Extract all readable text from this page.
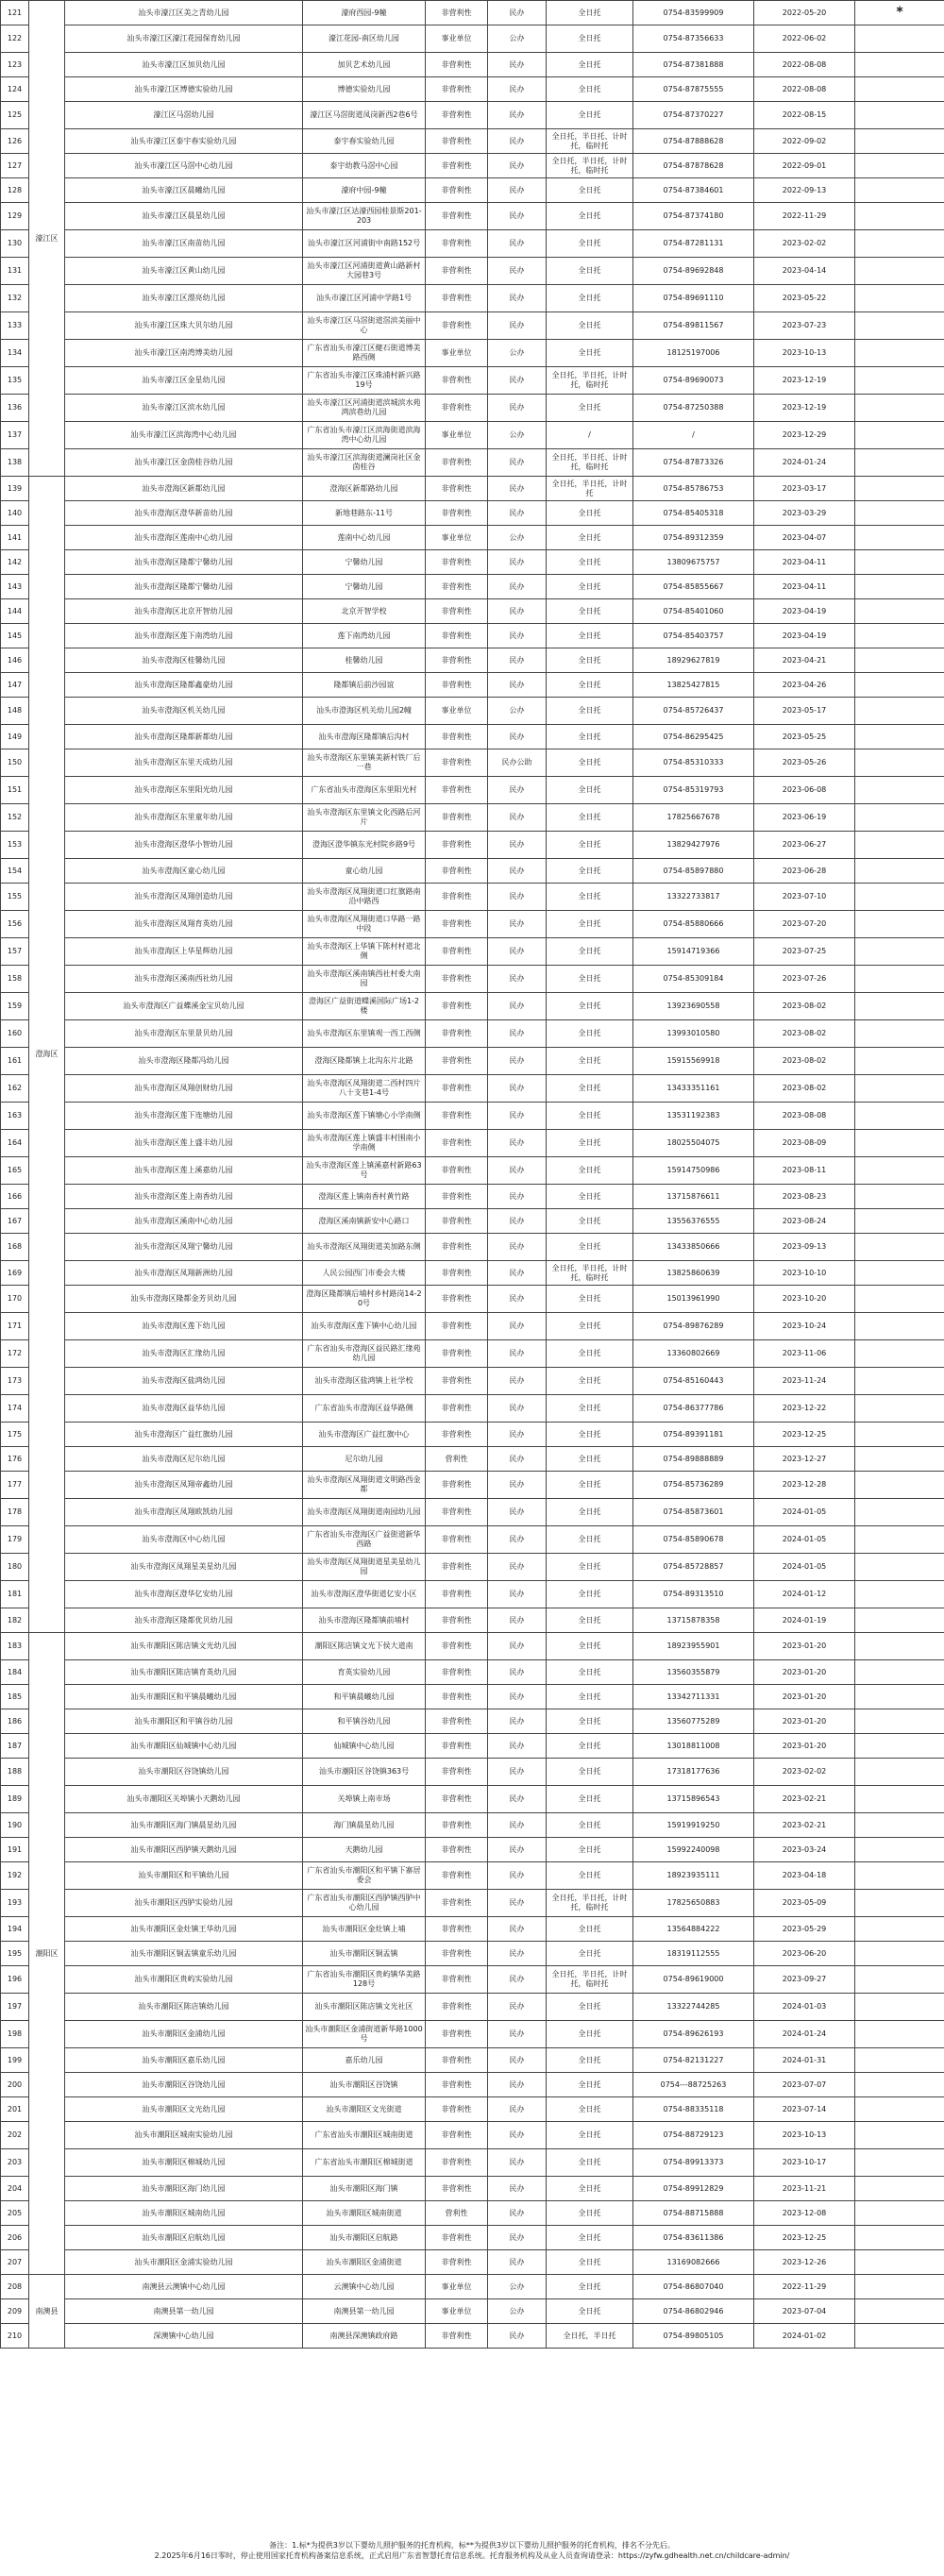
121	濠江区	汕头市濠江区美之青幼儿园	濠府西园-9幢	非营利性	民办	全日托	0754-83599909	2022-05-20	*
122		汕头市濠江区濠江花园保育幼儿园	濠江花园-南区幼儿园	事业单位	公办	全日托	0754-87356633	2022-06-02	
123		汕头市濠江区加贝幼儿园	加贝艺术幼儿园	非营利性	民办	全日托	0754-87381888	2022-08-08	
124		汕头市濠江区博德实验幼儿园	博德实验幼儿园	非营利性	民办	全日托	0754-87875555	2022-08-08	
125		濠江区马滘幼儿园	濠江区马滘街道凤岗新西2巷6号	非营利性	民办	全日托	0754-87370227	2022-08-15	
126		汕头市濠江区泰宇春实验幼儿园	泰宇春实验幼儿园	非营利性	民办	全日托，半日托、计时托，临时托	0754-87888628	2022-09-02	
127		汕头市濠江区马滘中心幼儿园	泰宇幼教马滘中心园	非营利性	民办	全日托，半日托，计时托，临时托	0754-87878628	2022-09-01	
128		汕头市濠江区晨曦幼儿园	濠府中园-9幢	非营利性	民办	全日托	0754-87384601	2022-09-13	
129		汕头市濠江区晨星幼儿园	汕头市濠江区达濠西园桂景斯201-203	非营利性	民办	全日托	0754-87374180	2022-11-29	
130		汕头市濠江区南苗幼儿园	汕头市濠江区河浦街中南路152号	非营利性	民办	全日托	0754-87281131	2023-02-02	
131		汕头市濠江区黄山幼儿园	汕头市濠江区河浦街道黄山路新村大园巷3号	非营利性	民办	全日托	0754-89692848	2023-04-14	
132		汕头市濠江区漂亮幼儿园	汕头市濠江区河浦中学路1号	非营利性	民办	全日托	0754-89691110	2023-05-22	
133		汕头市濠江区珠大贝尔幼儿园	汕头市濠江区马滘街道滘滨美丽中心	非营利性	民办	全日托	0754-89811567	2023-07-23	
134		汕头市濠江区南湾博美幼儿园	广东省汕头市濠江区健石街道博美路西侧	事业单位	公办	全日托	18125197006	2023-10-13	
135		汕头市濠江区金星幼儿园	广东省汕头市濠江区珠浦村新兴路19号	非营利性	民办	全日托，半日托，计时托，临时托	0754-89690073	2023-12-19	
136		汕头市濠江区滨水幼儿园	汕头市濠江区河浦街道滨城滨水苑鸿滨巷幼儿园	非营利性	民办	全日托	0754-87250388	2023-12-19	
137		汕头市濠江区滨海湾中心幼儿园	广东省汕头市濠江区滨海街道滨海湾中心幼儿园	事业单位	公办	/	/	2023-12-29	
138		汕头市濠江区金茵桂谷幼儿园	汕头市濠江区滨海街道澜岗社区金茵桂谷	非营利性	民办	全日托，半日托、计时托，临时托	0754-87873326	2024-01-24	
139	澄海区	汕头市澄海区新都幼儿园	澄海区新都路幼儿园	非营利性	民办	全日托，半日托，计时托	0754-85786753	2023-03-17	
140		汕头市澄海区澄华新苗幼儿园	新地巷路东-11号	非营利性	民办	全日托	0754-85405318	2023-03-29	
141		汕头市澄海区莲南中心幼儿园	莲南中心幼儿园	事业单位	公办	全日托	0754-89312359	2023-04-07	
142		汕头市澄海区隆都宁馨幼儿园	宁馨幼儿园	非营利性	民办	全日托	13809675757	2023-04-11	
143		汕头市澄海区隆都宁馨幼儿园	宁馨幼儿园	非营利性	民办	全日托	0754-85855667	2023-04-11	
144		汕头市澄海区北京开智幼儿园	北京开智学校	非营利性	民办	全日托	0754-85401060	2023-04-19	
145		汕头市澄海区莲下南湾幼儿园	莲下南湾幼儿园	非营利性	民办	全日托	0754-85403757	2023-04-19	
146		汕头市澄海区桂馨幼儿园	桂馨幼儿园	非营利性	民办	全日托	18929627819	2023-04-21	
147		汕头市澄海区隆都鑫豪幼儿园	隆都镇后前沙园谊	非营利性	民办	全日托	13825427815	2023-04-26	
148		汕头市澄海区机关幼儿园	汕头市澄海区机关幼儿园2幢	事业单位	公办	全日托	0754-85726437	2023-05-17	
149		汕头市澄海区隆都新都幼儿园	汕头市澄海区隆都镇后沟村	非营利性	民办	全日托	0754-86295425	2023-05-25	
150		汕头市澄海区东里天成幼儿园	汕头市澄海区东里镇美新村铁厂后一巷	非营利性	民办公助	全日托	0754-85310333	2023-05-26	
151		汕头市澄海区东里阳光幼儿园	广东省汕头市澄海区东里阳光村	非营利性	民办	全日托	0754-85319793	2023-06-08	
152		汕头市澄海区东里童年幼儿园	汕头市澄海区东里镇文化西路后河片	非营利性	民办	全日托	17825667678	2023-06-19	
153		汕头市澄海区澄华小智幼儿园	澄海区澄华镇东光村院乡路9号	非营利性	民办	全日托	13829427976	2023-06-27	
154		汕头市澄海区童心幼儿园	童心幼儿园	非营利性	民办	全日托	0754-85897880	2023-06-28	
155		汕头市澄海区凤翔创造幼儿园	汕头市澄海区凤翔街道口红旗路南沿中路西	非营利性	民办	全日托	13322733817	2023-07-10	
156		汕头市澄海区凤翔育英幼儿园	汕头市澄海区凤翔街道口华路一路中段	非营利性	民办	全日托	0754-85880666	2023-07-20	
157		汕头市澄海区上华星辉幼儿园	汕头市澄海区上华镇下陈村村道北侧	非营利性	民办	全日托	15914719366	2023-07-25	
158		汕头市澄海区溪南西社幼儿园	汕头市澄海区溪南镇西社村委大南园	非营利性	民办	全日托	0754-85309184	2023-07-26	
159		汕头市澄海区广益蝶溪金宝贝幼儿园	澄海区广益街道蝶溪国际广场1-2楼	非营利性	民办	全日托	13923690558	2023-08-02	
160		汕头市澄海区东里景贝幼儿园	汕头市澄海区东里镇观一西工西侧	非营利性	民办	全日托	13993010580	2023-08-02	
161		汕头市澄海区隆都冯幼儿园	澄海区隆都镇上北沟东片北路	非营利性	民办	全日托	15915569918	2023-08-02	
162		汕头市澄海区凤翔创财幼儿园	汕头市澄海区凤翔街道二西村四片八十支巷1-4号	非营利性	民办	全日托	13433351161	2023-08-02	
163		汕头市澄海区莲下连塘幼儿园	汕头市澄海区莲下镇塘心小学南侧	非营利性	民办	全日托	13531192383	2023-08-08	
164		汕头市澄海区莲上盛丰幼儿园	汕头市澄海区莲上镇盛丰村围南小学南侧	非营利性	民办	全日托	18025504075	2023-08-09	
165		汕头市澄海区莲上溪嘉幼儿园	汕头市澄海区莲上镇溪嘉村新路63号	非营利性	民办	全日托	15914750986	2023-08-11	
166		汕头市澄海区莲上南香幼儿园	澄海区莲上镇南香村黄竹路	非营利性	民办	全日托	13715876611	2023-08-23	
167		汕头市澄海区溪南中心幼儿园	澄海区溪南镇新安中心路口	非营利性	民办	全日托	13556376555	2023-08-24	
168		汕头市澄海区凤翔宁馨幼儿园	汕头市澄海区凤翔街道美加路东侧	非营利性	民办	全日托	13433850666	2023-09-13	
169		汕头市澄海区凤翔新洲幼儿园	人民公园西门市委会大楼	非营利性	民办	全日托，半日托，计时托，临时托	13825860639	2023-10-10	
170		汕头市澄海区隆都金芳贝幼儿园	澄海区隆都镇后埔村乡村路岗14-20号	非营利性	民办	全日托	15013961990	2023-10-20	
171		汕头市澄海区莲下幼儿园	汕头市澄海区莲下镇中心幼儿园	非营利性	民办	全日托	0754-89876289	2023-10-24	
172		汕头市澄海区汇缘幼儿园	广东省汕头市澄海区益民路汇缘苑幼儿园	非营利性	民办	全日托	13360802669	2023-11-06	
173		汕头市澄海区盐鸿幼儿园	汕头市澄海区盐鸿镇上社学校	非营利性	民办	全日托	0754-85160443	2023-11-24	
174		汕头市澄海区益华幼儿园	广东省汕头市澄海区益华路侧	非营利性	民办	全日托	0754-86377786	2023-12-22	
175		汕头市澄海区广益红旗幼儿园	汕头市澄海区广益红旗中心	非营利性	民办	全日托	0754-89391181	2023-12-25	
176		汕头市澄海区尼尔幼儿园	尼尔幼儿园	营利性	民办	全日托	0754-89888889	2023-12-27	
177		汕头市澄海区凤翔帝鑫幼儿园	汕头市澄海区凤翔街道文明路西金都	非营利性	民办	全日托	0754-85736289	2023-12-28	
178		汕头市澄海区凤翔欧凯幼儿园	汕头市澄海区凤翔街道南园幼儿园	非营利性	民办	全日托	0754-85873601	2024-01-05	
179		汕头市澄海区中心幼儿园	广东省汕头市澄海区广益街道新华西路	非营利性	民办	全日托	0754-85890678	2024-01-05	
180		汕头市澄海区凤翔星美星幼儿园	汕头市澄海区凤翔街道星美星幼儿园	非营利性	民办	全日托	0754-85728857	2024-01-05	
181		汕头市澄海区澄华亿安幼儿园	汕头市澄海区澄华街道亿安小区	非营利性	民办	全日托	0754-89313510	2024-01-12	
182		汕头市澄海区隆都优贝幼儿园	汕头市澄海区隆都镇前埔村	非营利性	民办	全日托	13715878358	2024-01-19	
183	潮阳区	汕头市潮阳区陈店镇文光幼儿园	潮阳区陈店镇文光下侯大道南	非营利性	民办	全日托	18923955901	2023-01-20	
184		汕头市潮阳区陈店镇育英幼儿园	育英实验幼儿园	非营利性	民办	全日托	13560355879	2023-01-20	
185		汕头市潮阳区和平镇晨曦幼儿园	和平镇晨曦幼儿园	非营利性	民办	全日托	13342711331	2023-01-20	
186		汕头市潮阳区和平镇谷幼儿园	和平镇谷幼儿园	非营利性	民办	全日托	13560775289	2023-01-20	
187		汕头市潮阳区仙城镇中心幼儿园	仙城镇中心幼儿园	非营利性	民办	全日托	13018811008	2023-01-20	
188		汕头市潮阳区谷饶镇幼儿园	汕头市潮阳区谷饶镇363号	非营利性	民办	全日托	17318177636	2023-02-02	
189		汕头市潮阳区关埠镇小天鹅幼儿园	关埠镇上南市场	非营利性	民办	全日托	13715896543	2023-02-21	
190		汕头市潮阳区海门镇晨星幼儿园	海门镇晨星幼儿园	非营利性	民办	全日托	15919919250	2023-02-21	
191		汕头市潮阳区西胪镇天鹅幼儿园	天鹅幼儿园	非营利性	民办	全日托	15992240098	2023-03-24	
192		汕头市潮阳区和平镇幼儿园	广东省汕头市潮阳区和平镇下寨居委会	非营利性	民办	全日托	18923935111	2023-04-18	
193		汕头市潮阳区西胪实验幼儿园	广东省汕头市潮阳区西胪镇西胪中心幼儿园	非营利性	民办	全日托，半日托，计时托，临时托	17825650883	2023-05-09	
194		汕头市潮阳区金灶镇王华幼儿园	汕头市潮阳区金灶镇上埔	非营利性	民办	全日托	13564884222	2023-05-29	
195		汕头市潮阳区铜盂镇童乐幼儿园	汕头市潮阳区铜盂镇	非营利性	民办	全日托	18319112555	2023-06-20	
196		汕头市潮阳区贵屿实验幼儿园	广东省汕头市潮阳区贵屿镇华美路128号	非营利性	民办	全日托，半日托，计时托，临时托	0754-89619000	2023-09-27	
197		汕头市潮阳区陈店镇幼儿园	汕头市潮阳区陈店镇文光社区	非营利性	民办	全日托	13322744285	2024-01-03	
198		汕头市潮阳区金浦幼儿园	汕头市潮阳区金浦街道新华路1000号	非营利性	民办	全日托	0754-89626193	2024-01-24	
199		汕头市潮阳区嘉乐幼儿园	嘉乐幼儿园	非营利性	民办	全日托	0754-82131227	2024-01-31	
200		汕头市潮阳区谷饶幼儿园	汕头市潮阳区谷饶镇	非营利性	民办	全日托	0754---88725263	2023-07-07	
201		汕头市潮阳区文光幼儿园	汕头市潮阳区文光街道	非营利性	民办	全日托	0754-88335118	2023-07-14	
202		汕头市潮阳区城南实验幼儿园	广东省汕头市潮阳区城南街道	非营利性	民办	全日托	0754-88729123	2023-10-13	
203		汕头市潮阳区棉城幼儿园	广东省汕头市潮阳区棉城街道	非营利性	民办	全日托	0754-89913373	2023-10-17	
204		汕头市潮阳区海门幼儿园	汕头市潮阳区海门镇	非营利性	民办	全日托	0754-89912829	2023-11-21	
205		汕头市潮阳区城南幼儿园	汕头市潮阳区城南街道	营利性	民办	全日托	0754-88715888	2023-12-08	
206		汕头市潮阳区启航幼儿园	汕头市潮阳区启航路	非营利性	民办	全日托	0754-83611386	2023-12-25	
207		汕头市潮阳区金浦实验幼儿园	汕头市潮阳区金浦街道	非营利性	民办	全日托	13169082666	2023-12-26	
208	南澳县	南澳县云澳镇中心幼儿园	云澳镇中心幼儿园	事业单位	公办	全日托	0754-86807040	2022-11-29	
209		南澳县第一幼儿园	南澳县第一幼儿园	事业单位	公办	全日托	0754-86802946	2023-07-04	
210		深澳镇中心幼儿园	南澳县深澳镇政府路	非营利性	民办	全日托，半日托	0754-89805105	2024-01-02	
备注：1.标*为提供3岁以下婴幼儿照护服务的托育机构，标**为提供3岁以下婴幼儿照护服务的托育机构，排名不分先后。
2.2025年6月16日零时，停止使用国家托育机构备案信息系统，正式启用广东省智慧托育信息系统。托育服务机构及从业人员查询请登录：https://zyfw.gdhealth.net.cn/childcare-admin/
